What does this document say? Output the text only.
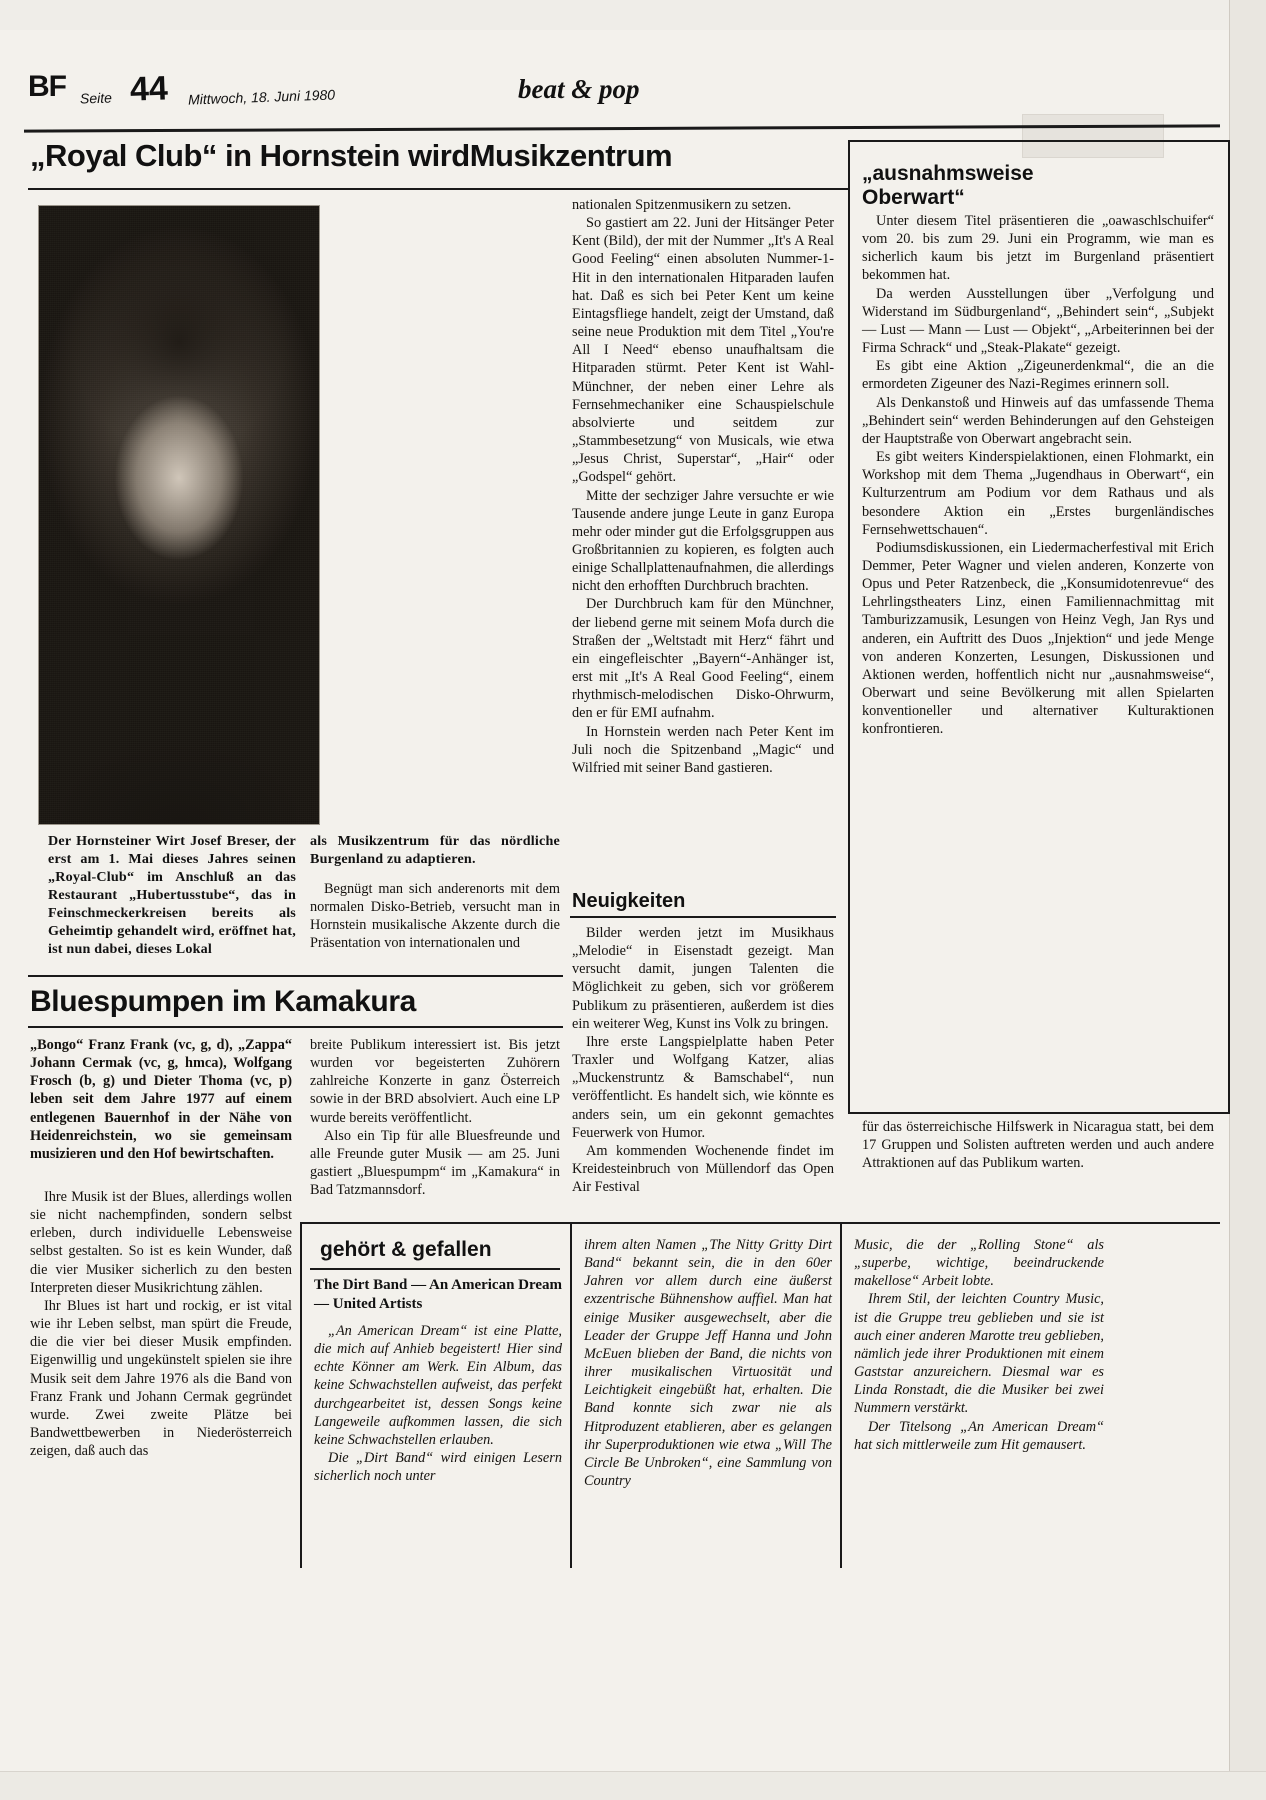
BF Seite 44 Mittwoch, 18. Juni 1980	beat & pop
„Royal Club“ in Hornstein wirdMusikzentrum
Der Hornsteiner Wirt Josef Breser, der erst am 1. Mai dieses Jahres seinen „Royal-Club“ im Anschluß an das Restaurant „Hubertusstube“, das in Feinschmeckerkreisen bereits als Geheimtip gehandelt wird, eröffnet hat, ist nun dabei, dieses Lokal
als Musikzentrum für das nördliche Burgenland zu adaptieren.

Begnügt man sich anderenorts mit dem normalen Disko-Betrieb, versucht man in Hornstein musikalische Akzente durch die Präsentation von internationalen und

nationalen Spitzenmusikern zu setzen.

So gastiert am 22. Juni der Hitsänger Peter Kent (Bild), der mit der Nummer „It's A Real Good Feeling“ einen absoluten Nummer-1-Hit in den internationalen Hitparaden laufen hat. Daß es sich bei Peter Kent um keine Eintagsfliege handelt, zeigt der Umstand, daß seine neue Produktion mit dem Titel „You're All I Need“ ebenso unaufhaltsam die Hitparaden stürmt. Peter Kent ist Wahl-Münchner, der neben einer Lehre als Fernsehmechaniker eine Schauspielschule absolvierte und seitdem zur „Stammbesetzung“ von Musicals, wie etwa „Jesus Christ, Superstar“, „Hair“ oder „Godspel“ gehört.

Mitte der sechziger Jahre versuchte er wie Tausende andere junge Leute in ganz Europa mehr oder minder gut die Erfolgsgruppen aus Großbritannien zu kopieren, es folgten auch einige Schallplattenaufnahmen, die allerdings nicht den erhofften Durchbruch brachten.

Der Durchbruch kam für den Münchner, der liebend gerne mit seinem Mofa durch die Straßen der „Weltstadt mit Herz“ fährt und ein eingefleischter „Bayern“-Anhänger ist, erst mit „It's A Real Good Feeling“, einem rhythmisch-melodischen Disko-Ohrwurm, den er für EMI aufnahm.

In Hornstein werden nach Peter Kent im Juli noch die Spitzenband „Magic“ und Wilfried mit seiner Band gastieren.

Bluespumpen im Kamakura

„Bongo“ Franz Frank (vc, g, d), „Zappa“ Johann Cermak (vc, g, hmca), Wolfgang Frosch (b, g) und Dieter Thoma (vc, p) leben seit dem Jahre 1977 auf einem entlegenen Bauernhof in der Nähe von Heidenreichstein, wo sie gemeinsam musizieren und den Hof bewirtschaften.

Ihre Musik ist der Blues, allerdings wollen sie nicht nachempfinden, sondern selbst erleben, durch individuelle Lebensweise selbst gestalten. So ist es kein Wunder, daß die vier Musiker sicherlich zu den besten Interpreten dieser Musikrichtung zählen.

Ihr Blues ist hart und rockig, er ist vital wie ihr Leben selbst, man spürt die Freude, die die vier bei dieser Musik empfinden. Eigenwillig und ungekünstelt spielen sie ihre Musik seit dem Jahre 1976 als die Band von Franz Frank und Johann Cermak gegründet wurde. Zwei zweite Plätze bei Bandwettbewerben in Niederösterreich zeigen, daß auch das

breite Publikum interessiert ist. Bis jetzt wurden vor begeisterten Zuhörern zahlreiche Konzerte in ganz Österreich sowie in der BRD absolviert. Auch eine LP wurde bereits veröffentlicht.

Also ein Tip für alle Bluesfreunde und alle Freunde guter Musik — am 25. Juni gastiert „Bluespumpm“ im „Kamakura“ in Bad Tatzmannsdorf.

Neuigkeiten

Bilder werden jetzt im Musikhaus „Melodie“ in Eisenstadt gezeigt. Man versucht damit, jungen Talenten die Möglichkeit zu geben, sich vor größerem Publikum zu präsentieren, außerdem ist dies ein weiterer Weg, Kunst ins Volk zu bringen.

Ihre erste Langspielplatte haben Peter Traxler und Wolfgang Katzer, alias „Muckenstruntz & Bamschabel“, nun veröffentlicht. Es handelt sich, wie könnte es anders sein, um ein gekonnt gemachtes Feuerwerk von Humor.

Am kommenden Wochenende findet im Kreidesteinbruch von Müllendorf das Open Air Festival

„ausnahmsweise Oberwart“

Unter diesem Titel präsentieren die „oawaschlschuifer“ vom 20. bis zum 29. Juni ein Programm, wie man es sicherlich kaum bis jetzt im Burgenland präsentiert bekommen hat.

Da werden Ausstellungen über „Verfolgung und Widerstand im Südburgenland“, „Behindert sein“, „Subjekt — Lust — Mann — Lust — Objekt“, „Arbeiterinnen bei der Firma Schrack“ und „Steak-Plakate“ gezeigt.

Es gibt eine Aktion „Zigeunerdenkmal“, die an die ermordeten Zigeuner des Nazi-Regimes erinnern soll.

Als Denkanstoß und Hinweis auf das umfassende Thema „Behindert sein“ werden Behinderungen auf den Gehsteigen der Hauptstraße von Oberwart angebracht sein.

Es gibt weiters Kinderspielaktionen, einen Flohmarkt, ein Workshop mit dem Thema „Jugendhaus in Oberwart“, ein Kulturzentrum am Podium vor dem Rathaus und als besondere Aktion ein „Erstes burgenländisches Fernsehwettschauen“.

Podiumsdiskussionen, ein Liedermacherfestival mit Erich Demmer, Peter Wagner und vielen anderen, Konzerte von Opus und Peter Ratzenbeck, die „Konsumidotenrevue“ des Lehrlingstheaters Linz, einen Familiennachmittag mit Tamburizzamusik, Lesungen von Heinz Vegh, Jan Rys und anderen, ein Auftritt des Duos „Injektion“ und jede Menge von anderen Konzerten, Lesungen, Diskussionen und Aktionen werden, hoffentlich nicht nur „ausnahmsweise“, Oberwart und seine Bevölkerung mit allen Spielarten konventioneller und alternativer Kulturaktionen konfrontieren.

für das österreichische Hilfswerk in Nicaragua statt, bei dem 17 Gruppen und Solisten auftreten werden und auch andere Attraktionen auf das Publikum warten.

gehört & gefallen
The Dirt Band — An American Dream — United Artists

„An American Dream“ ist eine Platte, die mich auf Anhieb begeistert! Hier sind echte Könner am Werk. Ein Album, das keine Schwachstellen aufweist, das perfekt durchgearbeitet ist, dessen Songs keine Langeweile aufkommen lassen, die sich keine Schwachstellen erlauben.

Die „Dirt Band“ wird einigen Lesern sicherlich noch unter

ihrem alten Namen „The Nitty Gritty Dirt Band“ bekannt sein, die in den 60er Jahren vor allem durch eine äußerst exzentrische Bühnenshow auffiel. Man hat einige Musiker ausgewechselt, aber die Leader der Gruppe Jeff Hanna und John McEuen blieben der Band, die nichts von ihrer musikalischen Virtuosität und Leichtigkeit eingebüßt hat, erhalten. Die Band konnte sich zwar nie als Hitproduzent etablieren, aber es gelangen ihr Superproduktionen wie etwa „Will The Circle Be Unbroken“, eine Sammlung von Country

Music, die der „Rolling Stone“ als „superbe, wichtige, beeindruckende makellose“ Arbeit lobte.

Ihrem Stil, der leichten Country Music, ist die Gruppe treu geblieben und sie ist auch einer anderen Marotte treu geblieben, nämlich jede ihrer Produktionen mit einem Gaststar anzureichern. Diesmal war es Linda Ronstadt, die die Musiker bei zwei Nummern verstärkt.

Der Titelsong „An American Dream“ hat sich mittlerweile zum Hit gemausert.
